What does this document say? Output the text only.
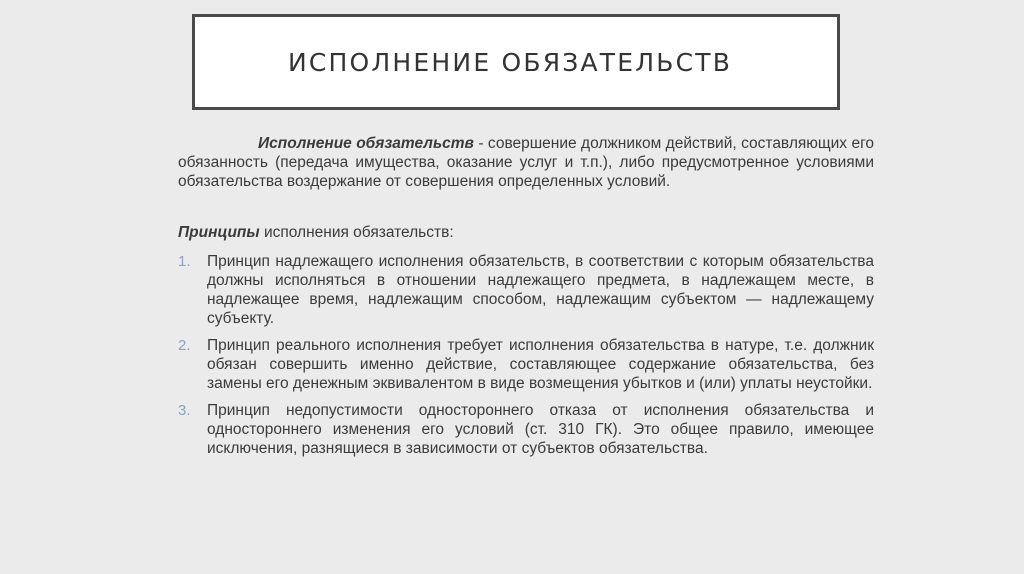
ИСПОЛНЕНИЕ ОБЯЗАТЕЛЬСТВ

Исполнение обязательств - совершение должником действий, составляющих его обязанность (передача имущества, оказание услуг и т.п.), либо предусмотренное условиями обязательства воздержание от совершения определенных условий.

Принципы исполнения обязательств:

1. Принцип надлежащего исполнения обязательств, в соответствии с которым обязательства должны исполняться в отношении надлежащего предмета, в надлежащем месте, в надлежащее время, надлежащим способом, надлежащим субъектом — надлежащему субъекту.
2. Принцип реального исполнения требует исполнения обязательства в натуре, т.е. должник обязан совершить именно действие, составляющее содержание обязательства, без замены его денежным эквивалентом в виде возмещения убытков и (или) уплаты неустойки.
3. Принцип недопустимости одностороннего отказа от исполнения обязательства и одностороннего изменения его условий (ст. 310 ГК). Это общее правило, имеющее исключения, разнящиеся в зависимости от субъектов обязательства.
